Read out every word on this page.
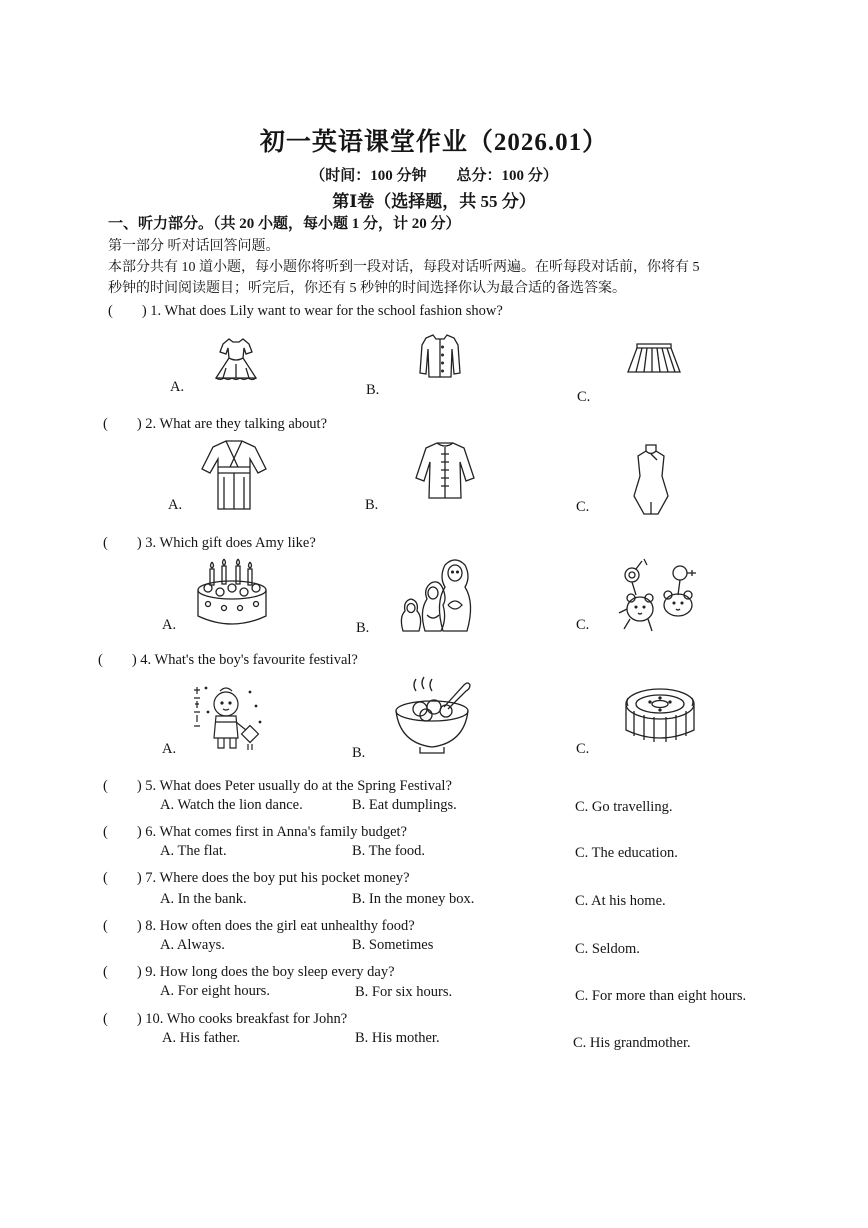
初一英语课堂作业（2026.01）
（时间：100 分钟　　总分：100 分）
第Ⅰ卷（选择题，共 55 分）
一、听力部分。（共 20 小题，每小题 1 分，计 20 分）
第一部分 听对话回答问题。
本部分共有 10 道小题，每小题你将听到一段对话，每段对话听两遍。在听每段对话前，你将有 5
秒钟的时间阅读题目；听完后，你还有 5 秒钟的时间选择你认为最合适的备选答案。
(　　) 1. What does Lily want to wear for the school fashion show?
A.	B.	C.
(　　) 2. What are they talking about?
A.	B.	C.
(　　) 3. Which gift does Amy like?
A.	B.	C.
(　　) 4. What's the boy's favourite festival?
A.	B.	C.
(　　) 5. What does Peter usually do at the Spring Festival?
A. Watch the lion dance.	B. Eat dumplings.	C. Go travelling.
(　　) 6. What comes first in Anna's family budget?
A. The flat.	B. The food.	C. The education.
(　　) 7. Where does the boy put his pocket money?
A. In the bank.	B. In the money box.	C. At his home.
(　　) 8. How often does the girl eat unhealthy food?
A. Always.	B. Sometimes	C. Seldom.
(　　) 9. How long does the boy sleep every day?
A. For eight hours.	B. For six hours.	C. For more than eight hours.
(　　) 10. Who cooks breakfast for John?
A. His father.	B. His mother.	C. His grandmother.
